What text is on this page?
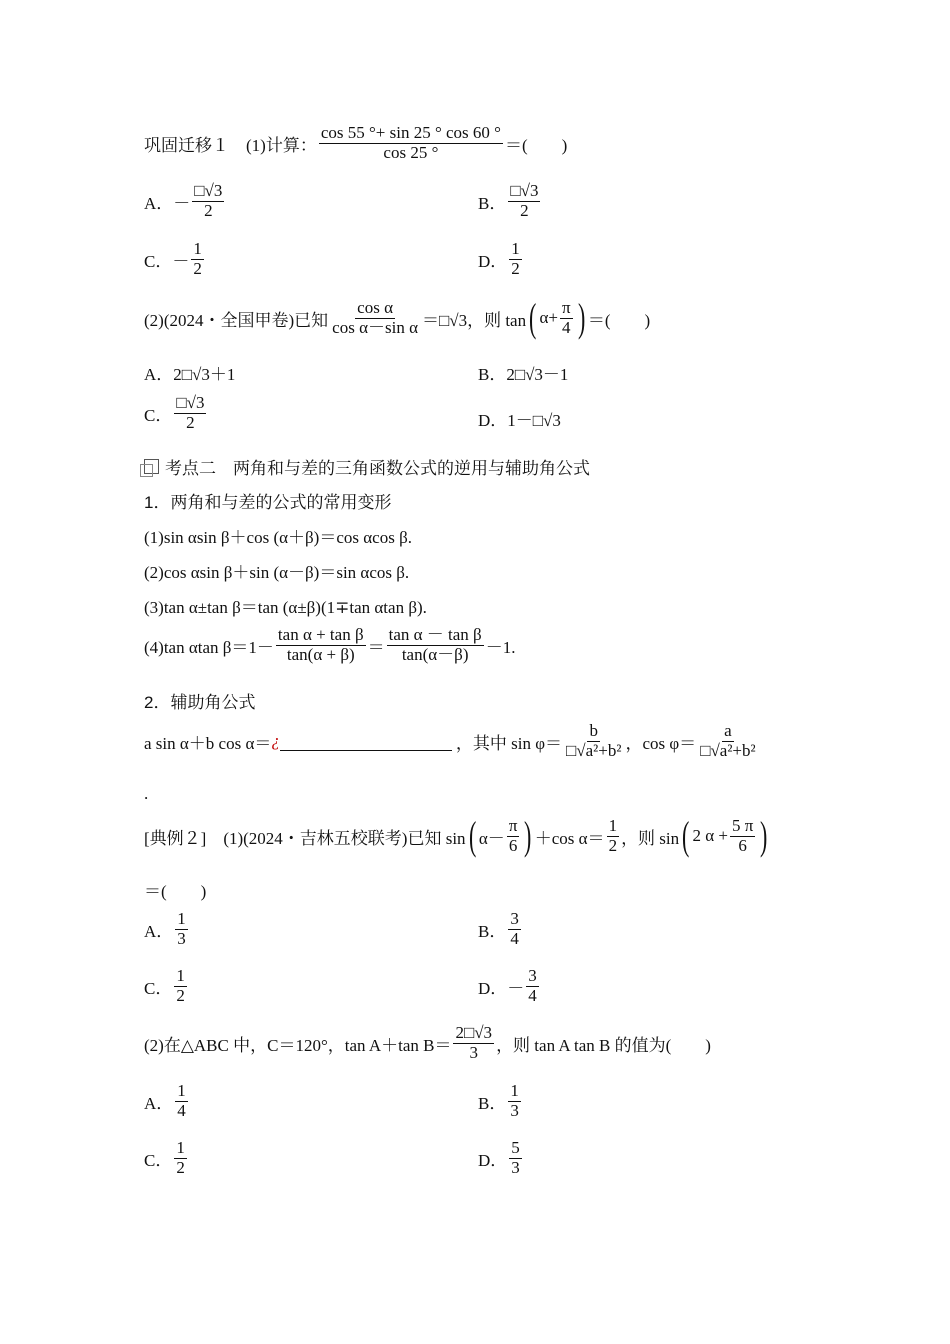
巩固迁移１　(1)计算： $\frac{\cos 55 ^\circ+ \sin 25 ^\circ \cos 60 ^\circ}{\cos 25 ^\circ}$ ＝(　　)
A． － $\frac{□√3}{2}$	B． $\frac{□√3}{2}$
C． － $\frac{1}{2}$	D． $\frac{1}{2}$
(2)(2024・全国甲卷)已知 $\frac{\text{cos α}}{\text{cos α－sin α}}$ ＝□√3，则 tan ( $\alpha+ \frac{\pi}{4}$ ) ＝(　　)
A．2□√3＋1	B．2□√3－1
C． $\frac{□√3}{2}$	D．1－□√3
考点二　两角和与差的三角函数公式的逆用与辅助角公式
1．两角和与差的公式的常用变形
(1)sin αsin β＋cos (α＋β)＝cos αcos β.
(2)cos αsin β＋sin (α－β)＝sin αcos β.
(3)tan α±tan β＝tan (α±β)(1∓tan αtan β).
(4)tan αtan $\beta=1- \frac{\text{tan α + tan β}}{\tan(\alpha + \beta)} = \frac{\text{tan α － tan β}}{\tan(\alpha-\beta)} -1$.
2．辅助角公式
a sin α＋b cos α＝ ¿	，其中 $\sin \varphi= \frac{b}{\text{□√a²+b²}}$ ，$\cos \varphi= \frac{a}{\text{□√a²+b²}}$
.
[典例２]　(1)(2024・吉林五校联考)已知 sin ( $\alpha- \frac{\pi}{6}$ ) ＋cos $\alpha= \frac{1}{2}$ ，则 sin ( 2 $\alpha + \frac{5 \pi}{6}$ )
＝(　　)
A． $\frac{1}{3}$	B． $\frac{3}{4}$
C． $\frac{1}{2}$	D． － $\frac{3}{4}$
(2)在△ABC 中，C＝120°，tan A＋tan $B= \frac{2□√3}{3}$ ，则 tan A tan B 的值为(　　)
A． $\frac{1}{4}$	B． $\frac{1}{3}$
C． $\frac{1}{2}$	D． $\frac{5}{3}$
